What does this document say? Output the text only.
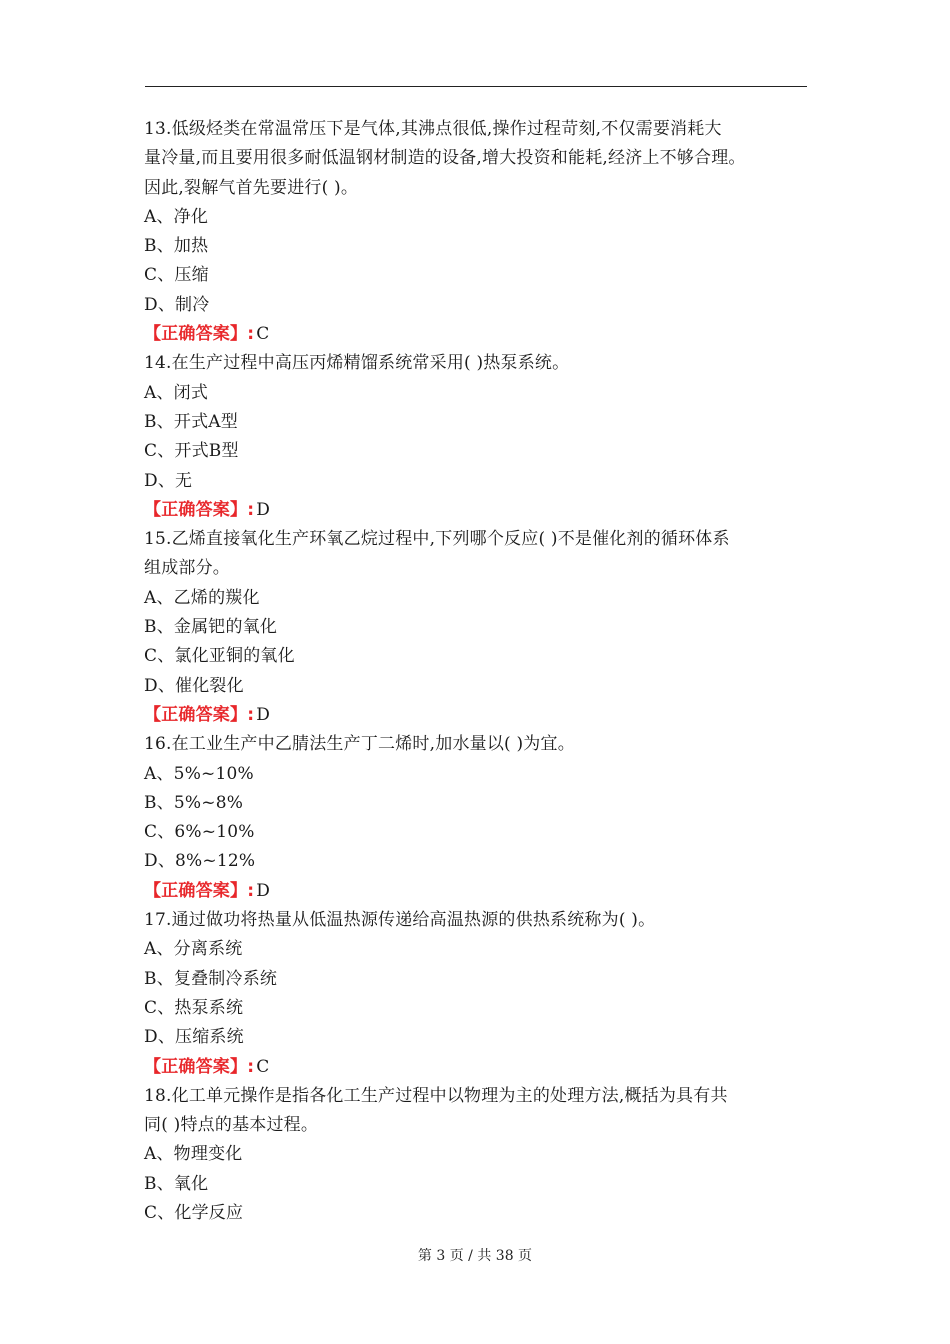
13.低级烃类在常温常压下是气体,其沸点很低,操作过程苛刻,不仅需要消耗大
量冷量,而且要用很多耐低温钢材制造的设备,增大投资和能耗,经济上不够合理。
因此,裂解气首先要进行( )。
A、净化
B、加热
C、压缩
D、制冷
【正确答案】: C
14.在生产过程中高压丙烯精馏系统常采用( )热泵系统。
A、闭式
B、开式A型
C、开式B型
D、无
【正确答案】: D
15.乙烯直接氧化生产环氧乙烷过程中,下列哪个反应( )不是催化剂的循环体系
组成部分。
A、乙烯的羰化
B、金属钯的氧化
C、氯化亚铜的氧化
D、催化裂化
【正确答案】: D
16.在工业生产中乙腈法生产丁二烯时,加水量以( )为宜。
A、5%~10%
B、5%~8%
C、6%~10%
D、8%~12%
【正确答案】: D
17.通过做功将热量从低温热源传递给高温热源的供热系统称为( )。
A、分离系统
B、复叠制冷系统
C、热泵系统
D、压缩系统
【正确答案】: C
18.化工单元操作是指各化工生产过程中以物理为主的处理方法,概括为具有共
同( )特点的基本过程。
A、物理变化
B、氧化
C、化学反应
第 3 页 / 共 38 页
